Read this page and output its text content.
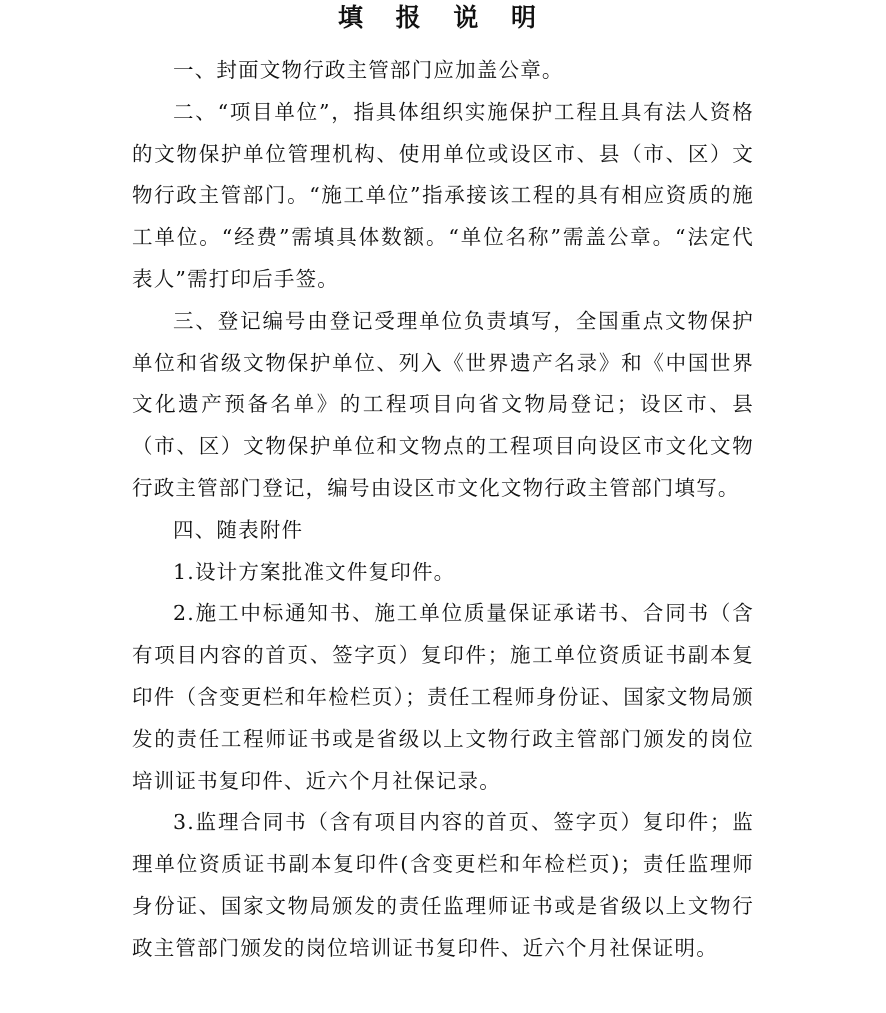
填 报 说 明

一、封面文物行政主管部门应加盖公章。

二、“项目单位”，指具体组织实施保护工程且具有法人资格的文物保护单位管理机构、使用单位或设区市、县（市、区）文物行政主管部门。“施工单位”指承接该工程的具有相应资质的施工单位。“经费”需填具体数额。“单位名称”需盖公章。“法定代表人”需打印后手签。

三、登记编号由登记受理单位负责填写，全国重点文物保护单位和省级文物保护单位、列入《世界遗产名录》和《中国世界文化遗产预备名单》的工程项目向省文物局登记；设区市、县（市、区）文物保护单位和文物点的工程项目向设区市文化文物行政主管部门登记，编号由设区市文化文物行政主管部门填写。

四、随表附件

1.设计方案批准文件复印件。

2.施工中标通知书、施工单位质量保证承诺书、合同书（含有项目内容的首页、签字页）复印件；施工单位资质证书副本复印件（含变更栏和年检栏页）；责任工程师身份证、国家文物局颁发的责任工程师证书或是省级以上文物行政主管部门颁发的岗位培训证书复印件、近六个月社保记录。

3.监理合同书（含有项目内容的首页、签字页）复印件；监理单位资质证书副本复印件(含变更栏和年检栏页)；责任监理师身份证、国家文物局颁发的责任监理师证书或是省级以上文物行政主管部门颁发的岗位培训证书复印件、近六个月社保证明。
